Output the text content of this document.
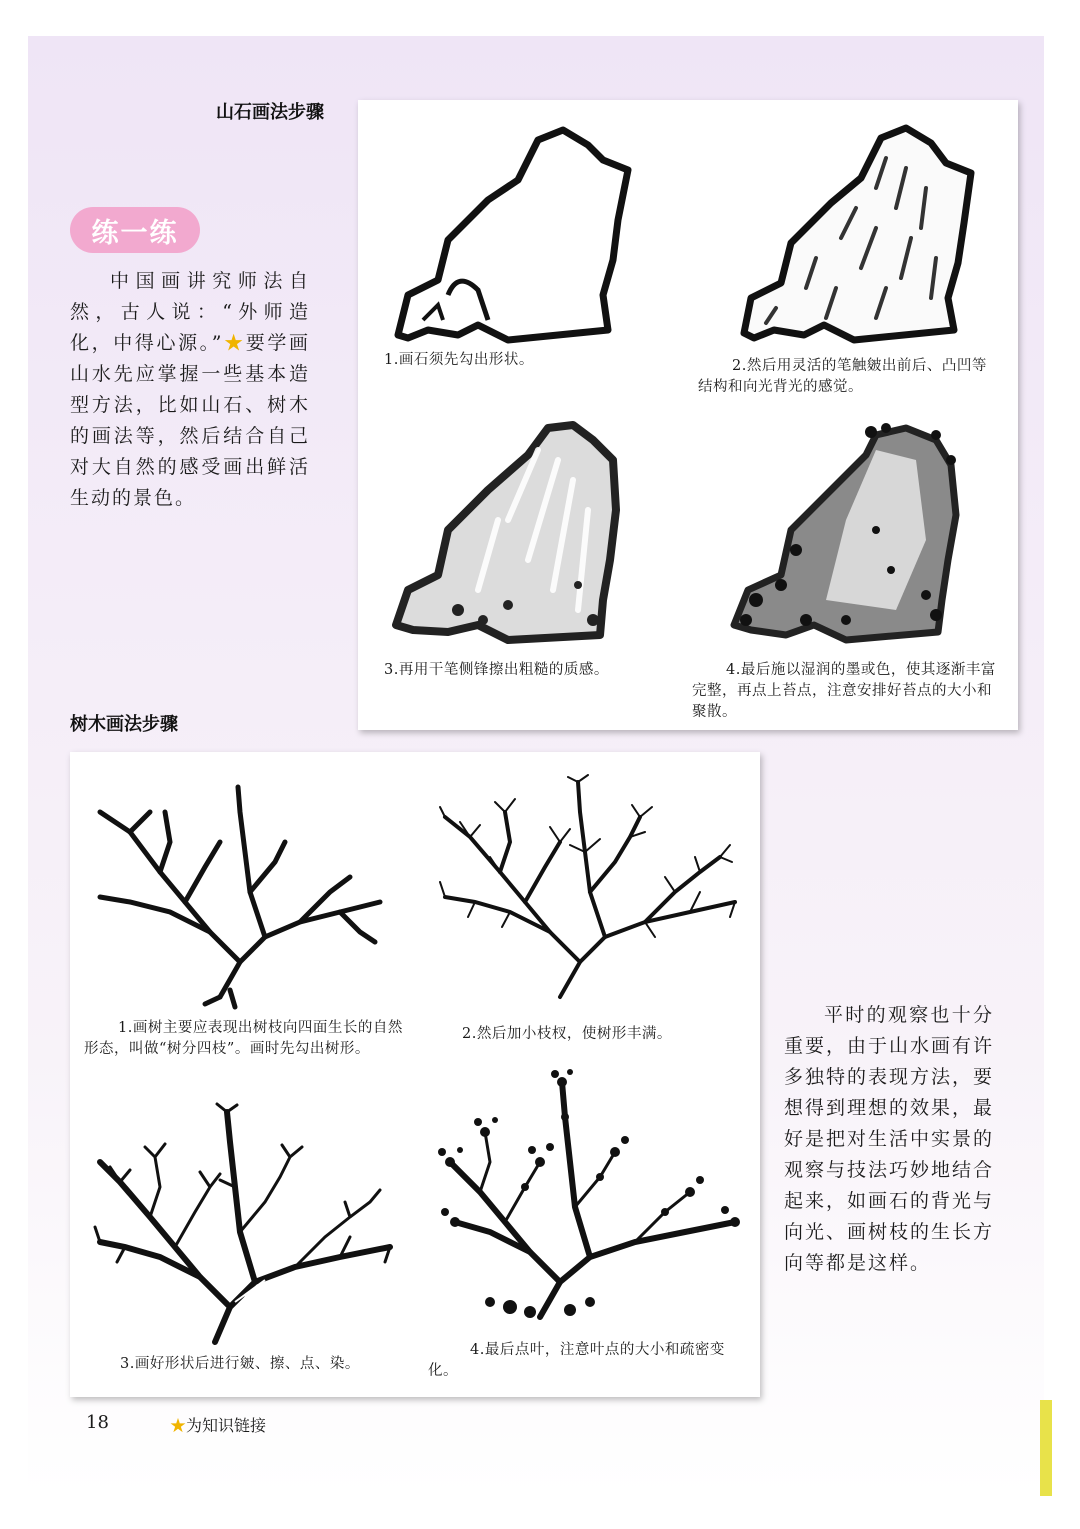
山石画法步骤
1.画石须先勾出形状。	2.然后用灵活的笔触皴出前后、凸凹等结构和向光背光的感觉。
3.再用干笔侧锋擦出粗糙的质感。	4.最后施以湿润的墨或色，使其逐渐丰富完整，再点上苔点，注意安排好苔点的大小和聚散。
练一练
中国画讲究师法自然，古人说：“外师造化，中得心源。”★要学画山水先应掌握一些基本造型方法，比如山石、树木的画法等，然后结合自己对大自然的感受画出鲜活生动的景色。
树木画法步骤
1.画树主要应表现出树枝向四面生长的自然形态，叫做“树分四枝”。画时先勾出树形。
2.然后加小枝杈，使树形丰满。
3.画好形状后进行皴、擦、点、染。
4.最后点叶，注意叶点的大小和疏密变化。
平时的观察也十分重要，由于山水画有许多独特的表现方法，要想得到理想的效果，最好是把对生活中实景的观察与技法巧妙地结合起来，如画石的背光与向光、画树枝的生长方向等都是这样。
18	★为知识链接
